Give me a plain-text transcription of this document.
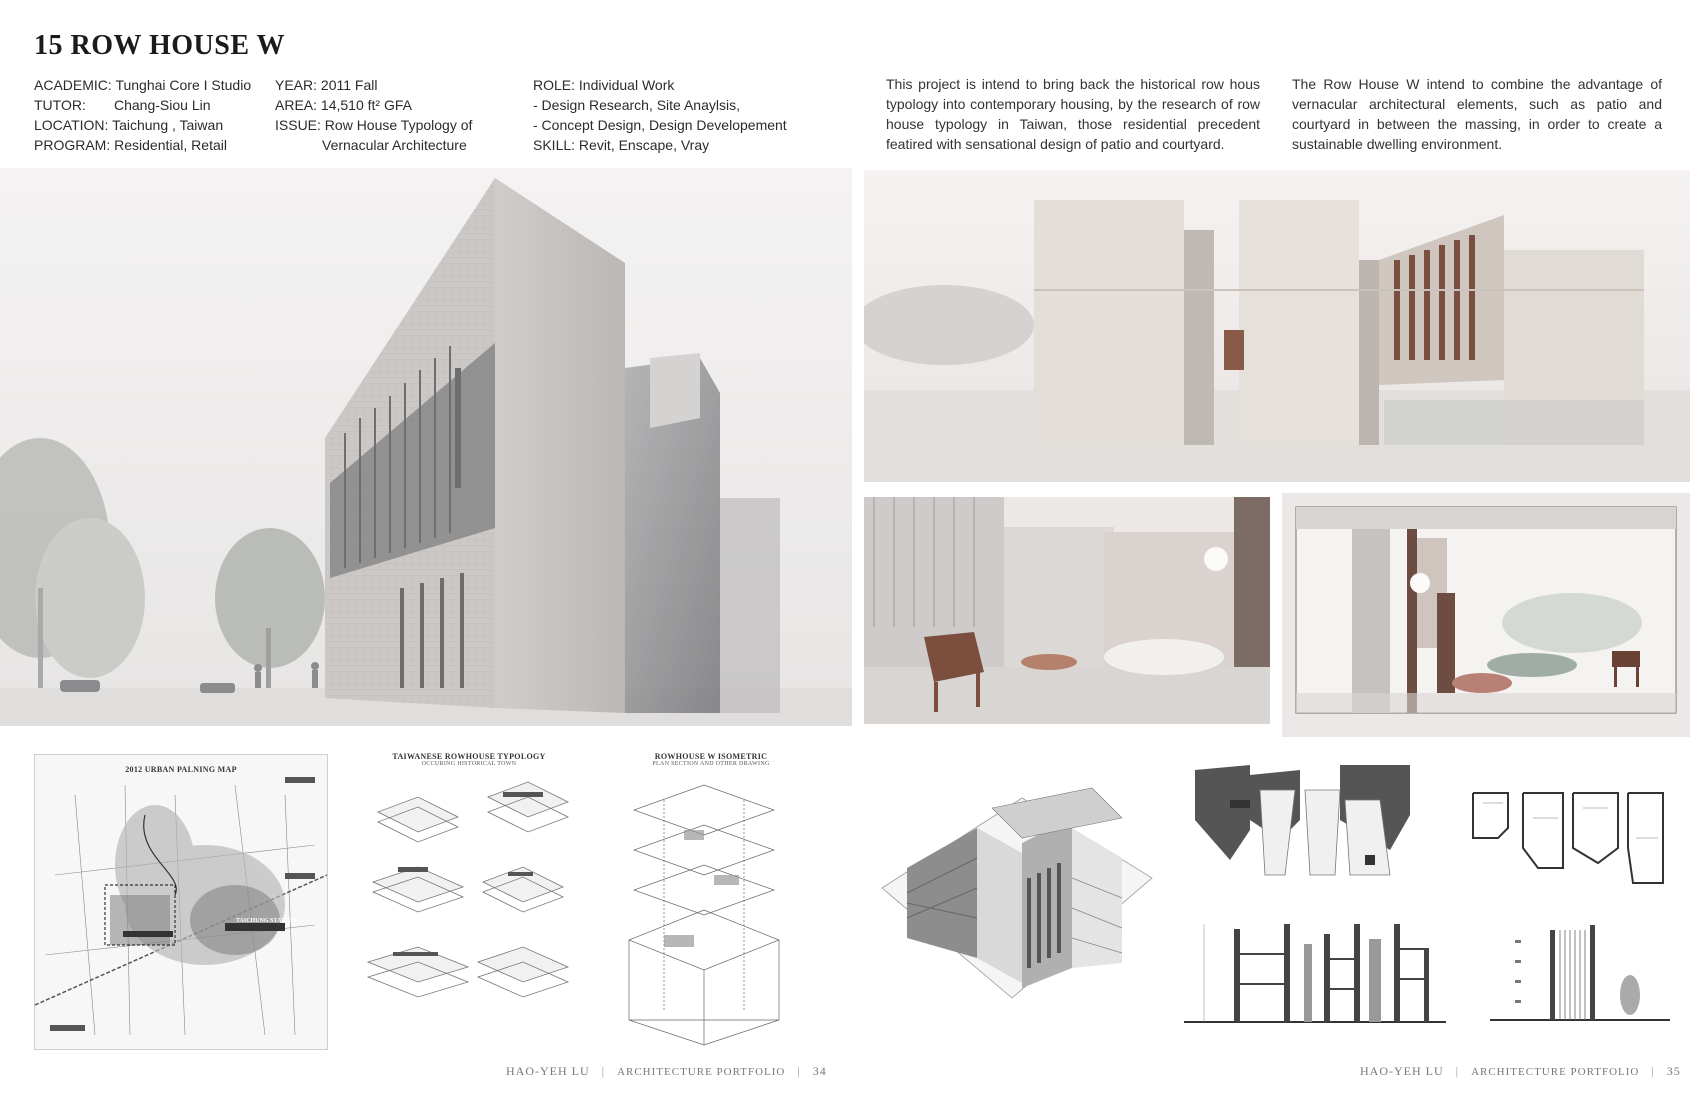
15 ROW HOUSE W
ACADEMIC: Tunghai Core I Studio
TUTOR: Chang-Siou Lin
LOCATION: Taichung , Taiwan
PROGRAM: Residential, Retail
YEAR: 2011 Fall
AREA: 14,510 ft² GFA
ISSUE: Row House Typology of
Vernacular Architecture
ROLE: Individual Work
- Design Research, Site Anaylsis,
- Concept Design, Design Developement
SKILL: Revit, Enscape, Vray
This project is intend to bring back the historical row hous typology into contemporary housing, by the research of row house typology in Taiwan, those residential precedent featired with sensational design of patio and courtyard.
The Row House W intend to combine the advantage of vernacular architectural elements, such as patio and courtyard in between the massing, in order to create a sustainable dwelling environment.
2012 URBAN PALNING MAP
TAICHUNG STATION
TAIWANESE ROWHOUSE TYPOLOGY
OCCURING HISTORICAL TOWN
ROWHOUSE W ISOMETRIC
PLAN SECTION AND OTHER DRAWING
HAO-YEH LU | ARCHITECTURE PORTFOLIO | 34	HAO-YEH LU | ARCHITECTURE PORTFOLIO | 35
